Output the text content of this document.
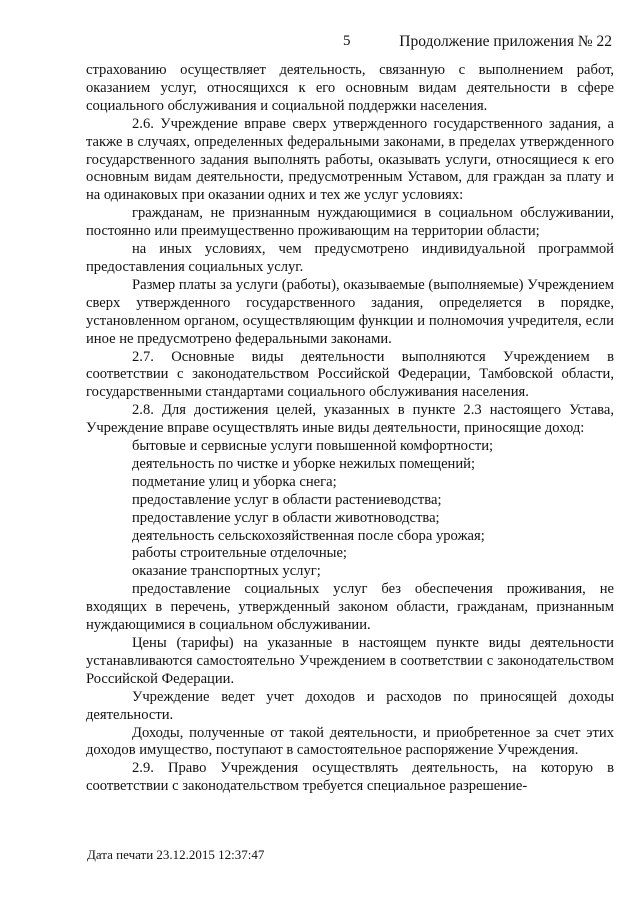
5	Продолжение приложения № 22

страхованию осуществляет деятельность, связанную с выполнением работ, оказанием услуг, относящихся к его основным видам деятельности в сфере социального обслуживания и социальной поддержки населения.

2.6. Учреждение вправе сверх утвержденного государственного задания, а также в случаях, определенных федеральными законами, в пределах утвержденного государственного задания выполнять работы, оказывать услуги, относящиеся к его основным видам деятельности, предусмотренным Уставом, для граждан за плату и на одинаковых при оказании одних и тех же услуг условиях:

гражданам, не признанным нуждающимися в социальном обслуживании, постоянно или преимущественно проживающим на территории области;

на иных условиях, чем предусмотрено индивидуальной программой предоставления социальных услуг.

Размер платы за услуги (работы), оказываемые (выполняемые) Учреждением сверх утвержденного государственного задания, определяется в порядке, установленном органом, осуществляющим функции и полномочия учредителя, если иное не предусмотрено федеральными законами.

2.7. Основные виды деятельности выполняются Учреждением в соответствии с законодательством Российской Федерации, Тамбовской области, государственными стандартами социального обслуживания населения.

2.8. Для достижения целей, указанных в пункте 2.3 настоящего Устава, Учреждение вправе осуществлять иные виды деятельности, приносящие доход:

бытовые и сервисные услуги повышенной комфортности;

деятельность по чистке и уборке нежилых помещений;

подметание улиц и уборка снега;

предоставление услуг в области растениеводства;

предоставление услуг в области животноводства;

деятельность сельскохозяйственная после сбора урожая;

работы строительные отделочные;

оказание транспортных услуг;

предоставление социальных услуг без обеспечения проживания, не входящих в перечень, утвержденный законом области, гражданам, признанным нуждающимися в социальном обслуживании.

Цены (тарифы) на указанные в настоящем пункте виды деятельности устанавливаются самостоятельно Учреждением в соответствии с законодательством Российской Федерации.

Учреждение ведет учет доходов и расходов по приносящей доходы деятельности.

Доходы, полученные от такой деятельности, и приобретенное за счет этих доходов имущество, поступают в самостоятельное распоряжение Учреждения.

2.9. Право Учреждения осуществлять деятельность, на которую в соответствии с законодательством требуется специальное разрешение-

Дата печати 23.12.2015 12:37:47
